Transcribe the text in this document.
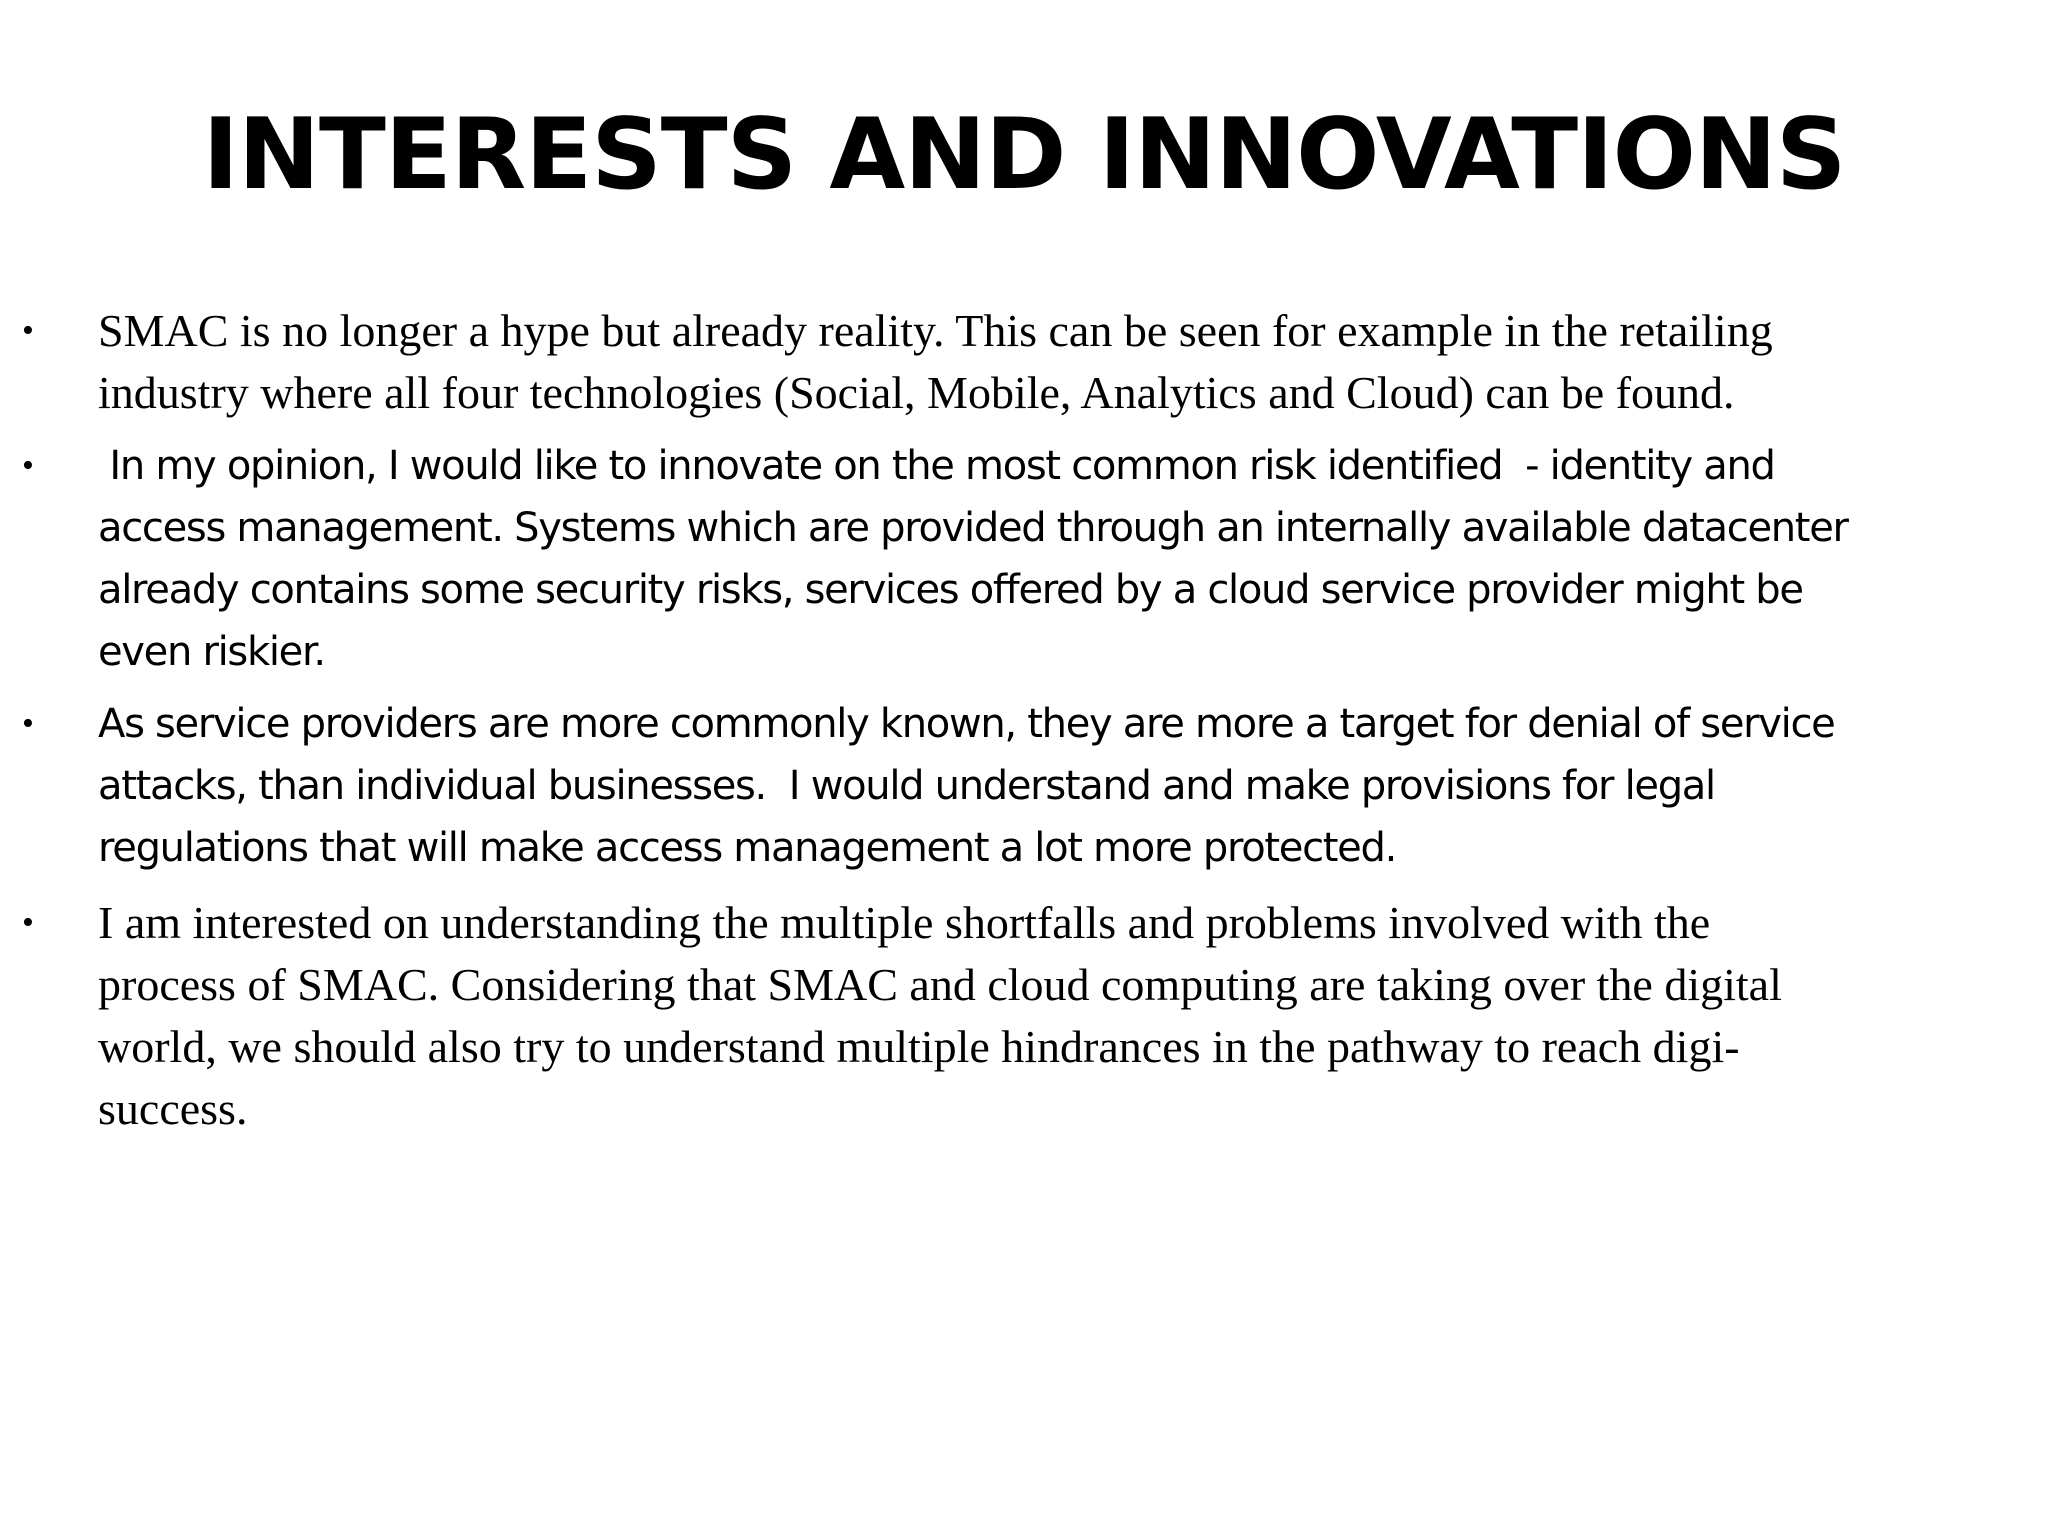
INTERESTS AND INNOVATIONS
• SMAC is no longer a hype but already reality. This can be seen for example in the retailing
industry where all four technologies (Social, Mobile, Analytics and Cloud) can be found.
• In my opinion, I would like to innovate on the most common risk identified  - identity and
access management. Systems which are provided through an internally available datacenter
already contains some security risks, services offered by a cloud service provider might be
even riskier.
• As service providers are more commonly known, they are more a target for denial of service
attacks, than individual businesses.  I would understand and make provisions for legal
regulations that will make access management a lot more protected.
• I am interested on understanding the multiple shortfalls and problems involved with the
process of SMAC. Considering that SMAC and cloud computing are taking over the digital
world, we should also try to understand multiple hindrances in the pathway to reach digi-
success.
